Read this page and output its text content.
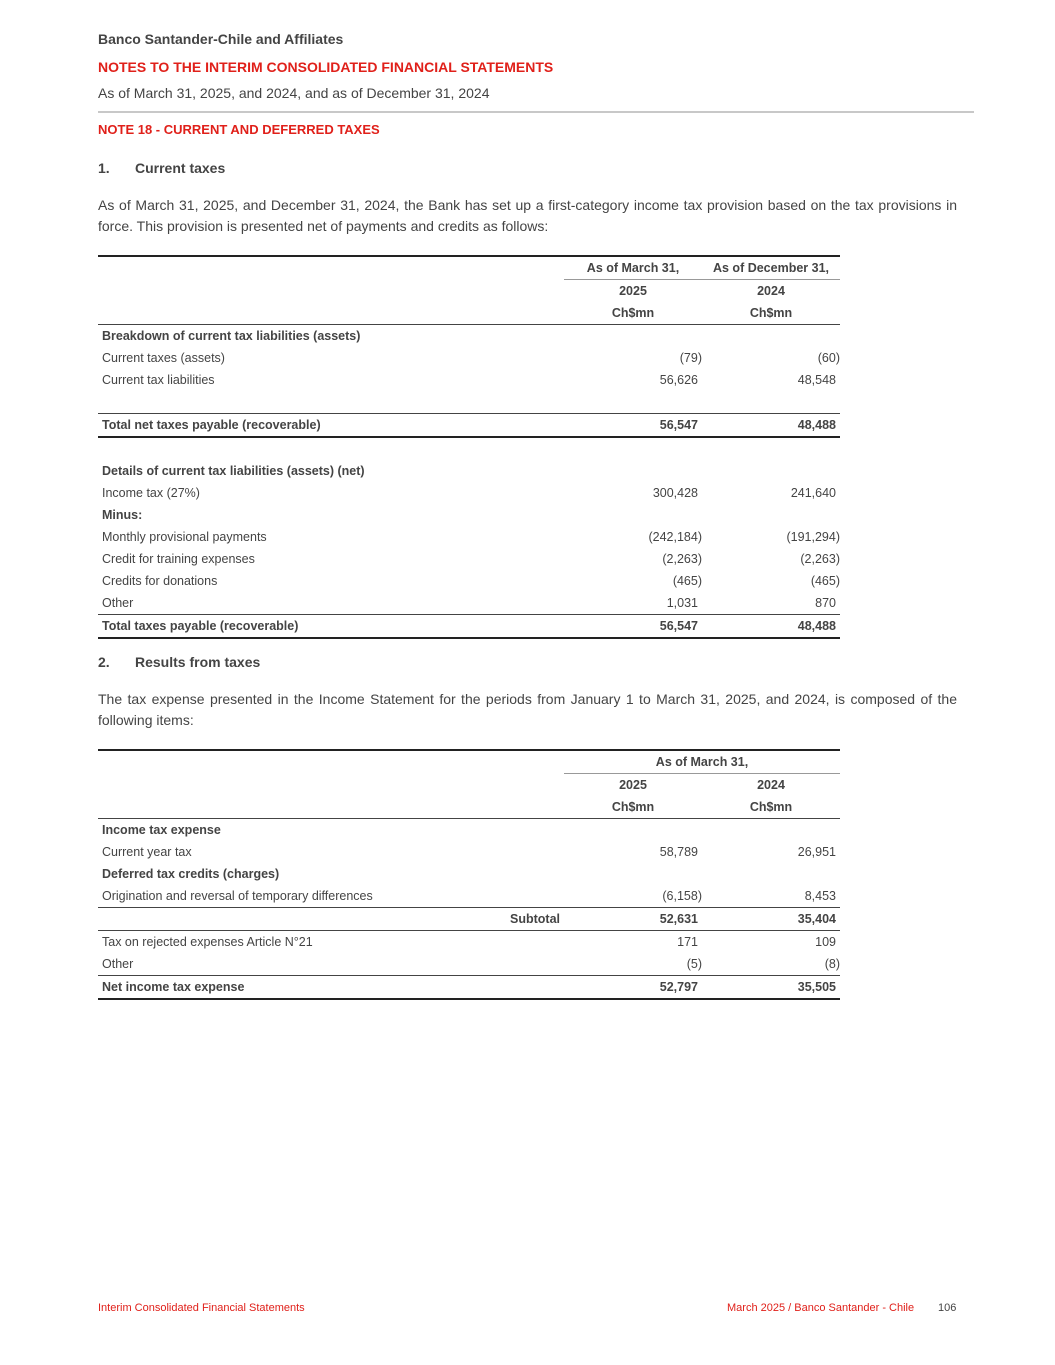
Banco Santander-Chile and Affiliates
NOTES TO THE INTERIM CONSOLIDATED FINANCIAL STATEMENTS
As of March 31, 2025, and 2024, and as of December 31, 2024
NOTE 18 - CURRENT AND DEFERRED TAXES
1. Current taxes
As of March 31, 2025, and December 31, 2024, the Bank has set up a first-category income tax provision based on the tax provisions in force. This provision is presented net of payments and credits as follows:
	As of March 31,	As of December 31,
	2025	2024
	Ch$mn	Ch$mn
Breakdown of current tax liabilities (assets)		
Current taxes (assets)	(79)	(60)
Current tax liabilities	56,626	48,548

Total net taxes payable (recoverable)	56,547	48,488

Details of current tax liabilities (assets) (net)		
Income tax (27%)	300,428	241,640
Minus:		
Monthly provisional payments	(242,184)	(191,294)
Credit for training expenses	(2,263)	(2,263)
Credits for donations	(465)	(465)
Other	1,031	870
Total taxes payable (recoverable)	56,547	48,488
2. Results from taxes
The tax expense presented in the Income Statement for the periods from January 1 to March 31, 2025, and 2024, is composed of the following items:
	As of March 31,	
	2025	2024
	Ch$mn	Ch$mn
Income tax expense		
Current year tax	58,789	26,951
Deferred tax credits (charges)		
Origination and reversal of temporary differences	(6,158)	8,453
Subtotal	52,631	35,404
Tax on rejected expenses Article N°21	171	109
Other	(5)	(8)
Net income tax expense	52,797	35,505
Interim Consolidated Financial Statements	March 2025 / Banco Santander - Chile 106
